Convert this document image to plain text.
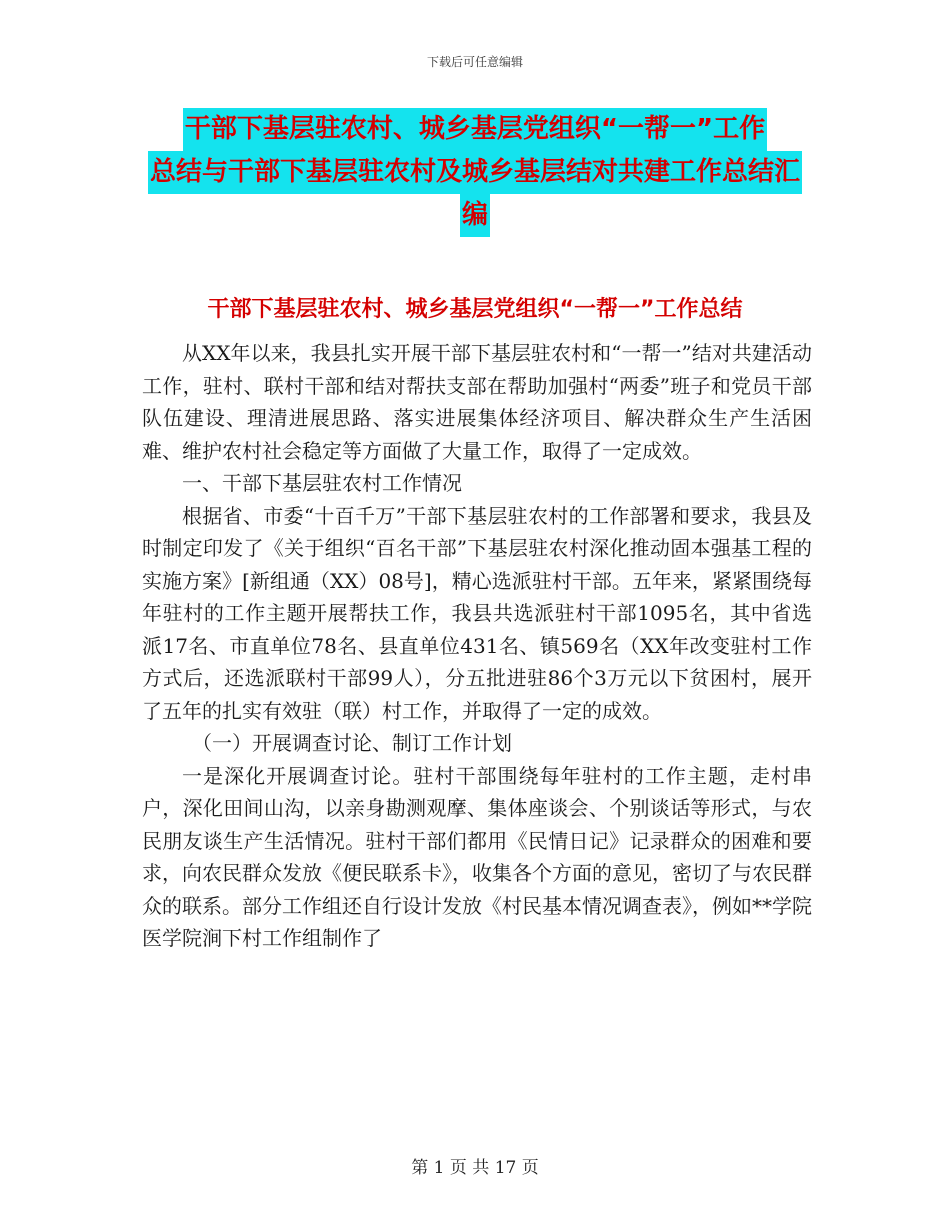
下载后可任意编辑
干部下基层驻农村、城乡基层党组织“一帮一”工作
总结与干部下基层驻农村及城乡基层结对共建工作总结汇
编
干部下基层驻农村、城乡基层党组织“一帮一”工作总结

从XX年以来，我县扎实开展干部下基层驻农村和“一帮一”结对共建活动工作，驻村、联村干部和结对帮扶支部在帮助加强村“两委”班子和党员干部队伍建设、理清进展思路、落实进展集体经济项目、解决群众生产生活困难、维护农村社会稳定等方面做了大量工作，取得了一定成效。

一、干部下基层驻农村工作情况

根据省、市委“十百千万”干部下基层驻农村的工作部署和要求，我县及时制定印发了《关于组织“百名干部”下基层驻农村深化推动固本强基工程的实施方案》[新组通（XX）08号]，精心选派驻村干部。五年来，紧紧围绕每年驻村的工作主题开展帮扶工作，我县共选派驻村干部1095名，其中省选派17名、市直单位78名、县直单位431名、镇569名（XX年改变驻村工作方式后，还选派联村干部99人），分五批进驻86个3万元以下贫困村，展开了五年的扎实有效驻（联）村工作，并取得了一定的成效。

（一）开展调查讨论、制订工作计划

一是深化开展调查讨论。驻村干部围绕每年驻村的工作主题，走村串户，深化田间山沟，以亲身勘测观摩、集体座谈会、个别谈话等形式，与农民朋友谈生产生活情况。驻村干部们都用《民情日记》记录群众的困难和要求，向农民群众发放《便民联系卡》，收集各个方面的意见，密切了与农民群众的联系。部分工作组还自行设计发放《村民基本情况调查表》，例如**学院医学院涧下村工作组制作了

第 1 页 共 17 页
